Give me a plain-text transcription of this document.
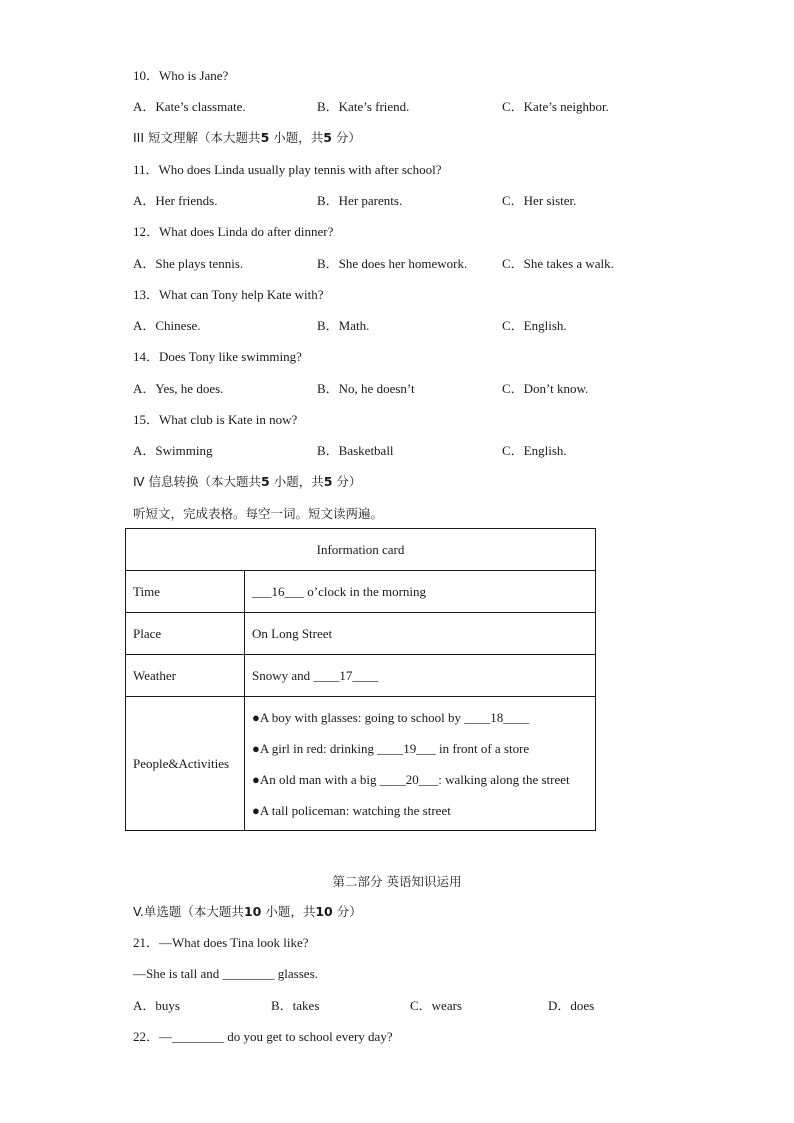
10．Who is Jane?
A．Kate’s classmate.	B．Kate’s friend.	C．Kate’s neighbor.
ⅠⅠⅠ 短文理解（本大题共5 小题，共5 分）
11．Who does Linda usually play tennis with after school?
A．Her friends.	B．Her parents.	C．Her sister.
12．What does Linda do after dinner?
A．She plays tennis.	B．She does her homework.	C．She takes a walk.
13．What can Tony help Kate with?
A．Chinese.	B．Math.	C．English.
14．Does Tony like swimming?
A．Yes, he does.	B．No, he doesn’t	C．Don’t know.
15．What club is Kate in now?
A．Swimming	B．Basketball	C．English.
Ⅳ 信息转换（本大题共5 小题，共5 分）
听短文，完成表格。每空一词。短文读两遍。
Information card	
Time	___16___ o’clock in the morning
Place	On Long Street
Weather	Snowy and ____17____
People&Activities	●A boy with glasses: going to school by ____18____
●A girl in red: drinking ____19___ in front of a store
●An old man with a big ____20___: walking along the street
●A tall policeman: watching the street
第二部分 英语知识运用
V.单选题（本大题共10 小题，共10 分）
21．—What does Tina look like?
—She is tall and ________ glasses.
A．buys	B．takes	C．wears	D．does
22．—________ do you get to school every day?
